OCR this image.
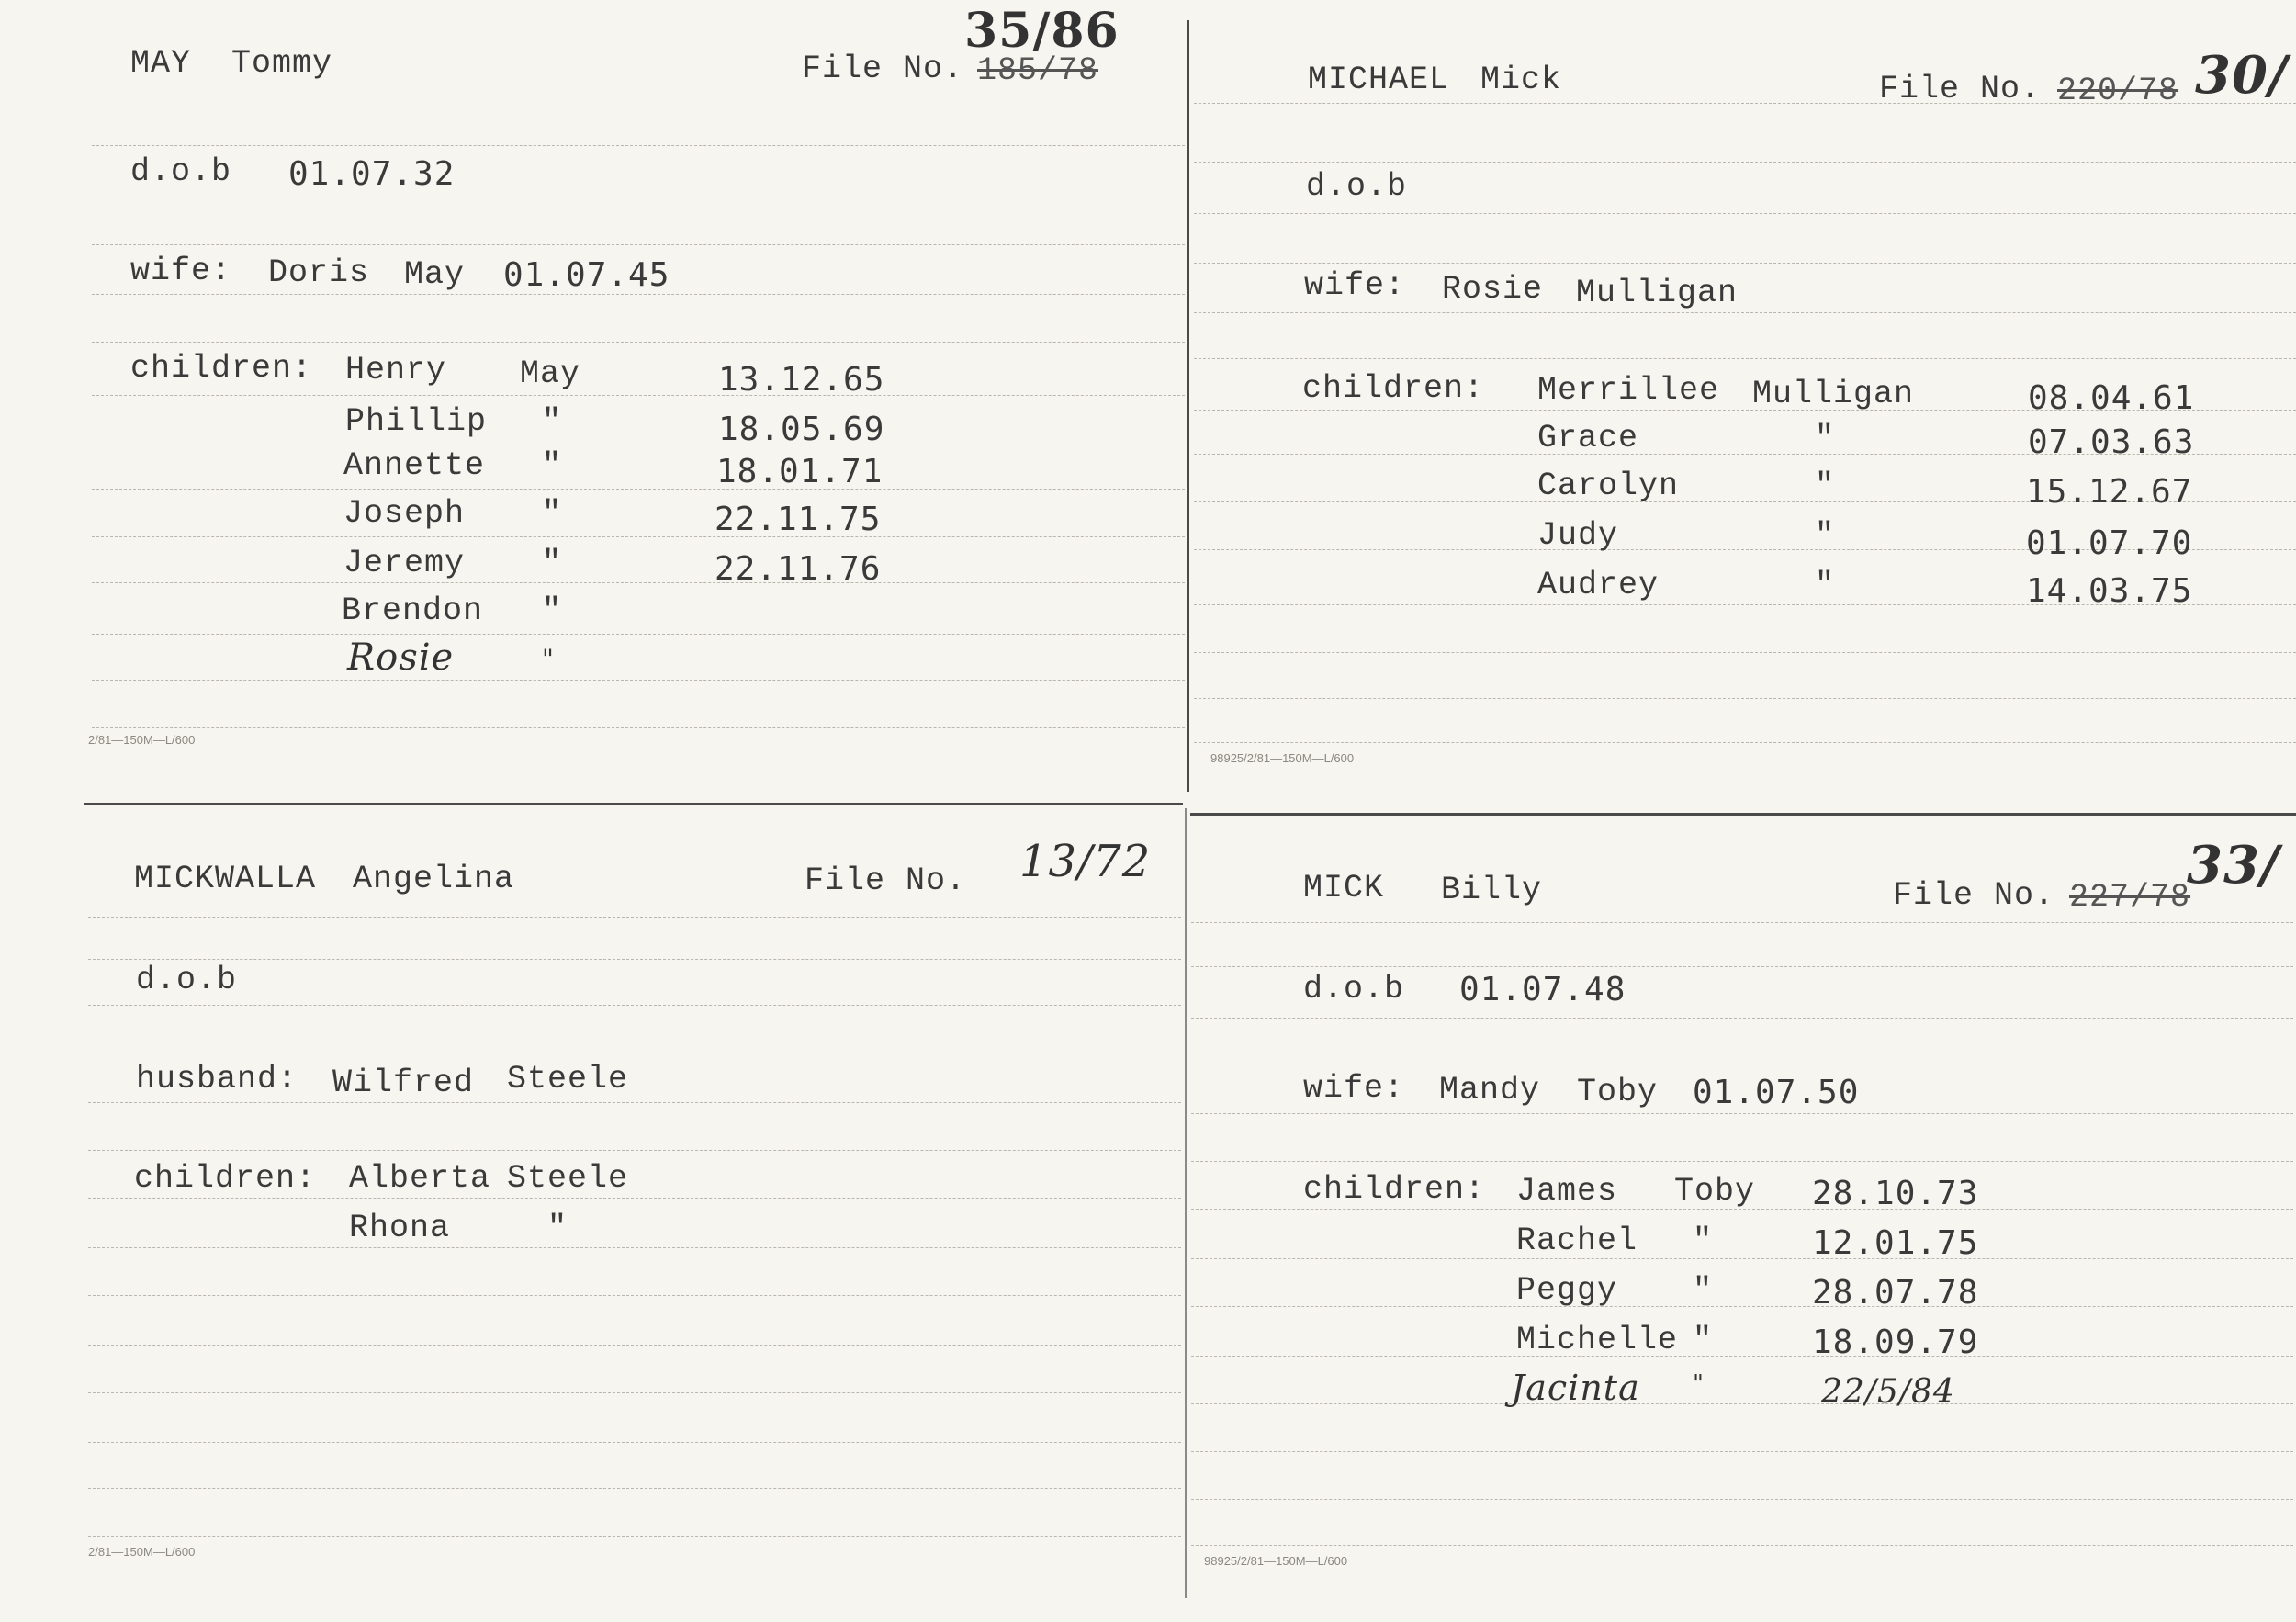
MAY Tommy	File No. 185/78
35/86
d.o.b 01.07.32
wife: Doris May 01.07.45
children: Henry May	13.12.65
Phillip "	18.05.69
Annette "	18.01.71
Joseph "	22.11.75
Jeremy "	22.11.76
Brendon "
Rosie	"
2/81—150M—L/600
MICHAEL Mick	File No. 220/78 30/
d.o.b
wife: Rosie Mulligan
children: Merrillee Mulligan	08.04.61
Grace	"	07.03.63
Carolyn	"	15.12.67
Judy	"	01.07.70
Audrey	"	14.03.75
98925/2/81—150M—L/600
MICKWALLA Angelina	File No. 13/72
d.o.b
husband: Wilfred Steele
children: Alberta Steele
Rhona	"
2/81—150M—L/600
MICK Billy	File No. 227/78
33/
d.o.b 01.07.48
wife: Mandy Toby 01.07.50
children: James Toby 28.10.73
Rachel "	12.01.75
Peggy "	28.07.78
Michelle "	18.09.79
Jacinta "	22/5/84
98925/2/81—150M—L/600
